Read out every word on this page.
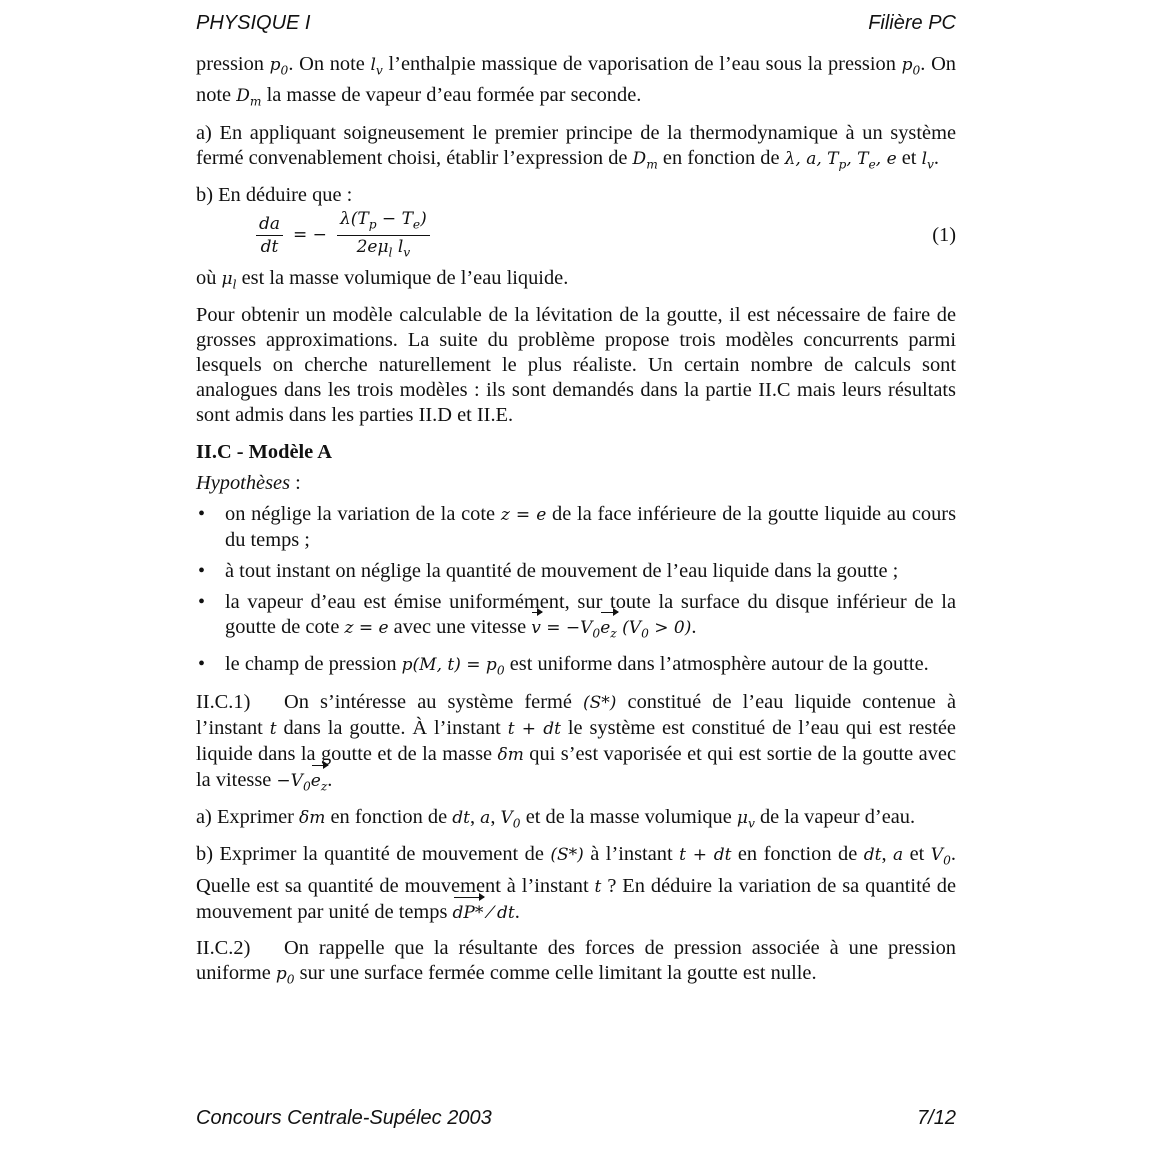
PHYSIQUE I	Filière PC

pression $p_0$. On note $l_v$ l’enthalpie massique de vaporisation de l’eau sous la pression $p_0$. On note $D_m$ la masse de vapeur d’eau formée par seconde.

a) En appliquant soigneusement le premier principe de la thermodynamique à un système fermé convenablement choisi, établir l’expression de $D_m$ en fonction de λ, a, $T_p$, $T_e$, e et $l_v$.

b) En déduire que :

$\frac{da}{dt}$ = − $\frac{\lambda(T_p - T_e)}{2e\mu_l l_v}$	(1)

où $\mu_l$ est la masse volumique de l’eau liquide.

Pour obtenir un modèle calculable de la lévitation de la goutte, il est nécessaire de faire de grosses approximations. La suite du problème propose trois modèles concurrents parmi lesquels on cherche naturellement le plus réaliste. Un certain nombre de calculs sont analogues dans les trois modèles : ils sont demandés dans la partie II.C mais leurs résultats sont admis dans les parties II.D et II.E.

II.C - Modèle A

Hypothèses :

• on néglige la variation de la cote z = e de la face inférieure de la goutte liquide au cours du temps ;
• à tout instant on néglige la quantité de mouvement de l’eau liquide dans la goutte ;
• la vapeur d’eau est émise uniformément, sur toute la surface du disque inférieur de la goutte de cote z = e avec une vitesse $v = -V_0e_z$ $(V_0 > 0)$.
• le champ de pression p(M, $t) = p_0$ est uniforme dans l’atmosphère autour de la goutte.

II.C.1) On s’intéresse au système fermé (S*) constitué de l’eau liquide contenue à l’instant t dans la goutte. À l’instant t + dt le système est constitué de l’eau qui est restée liquide dans la goutte et de la masse δm qui s’est vaporisée et qui est sortie de la goutte avec la vitesse $-V_0e_z$.

a) Exprimer δm en fonction de dt, a, $V_0$ et de la masse volumique $\mu_v$ de la vapeur d’eau.

b) Exprimer la quantité de mouvement de (S*) à l’instant t + dt en fonction de dt, a et $V_0$. Quelle est sa quantité de mouvement à l’instant t ? En déduire la variation de sa quantité de mouvement par unité de temps dP* ⁄ dt.

II.C.2) On rappelle que la résultante des forces de pression associée à une pression uniforme $p_0$ sur une surface fermée comme celle limitant la goutte est nulle.

Concours Centrale-Supélec 2003	7/12
